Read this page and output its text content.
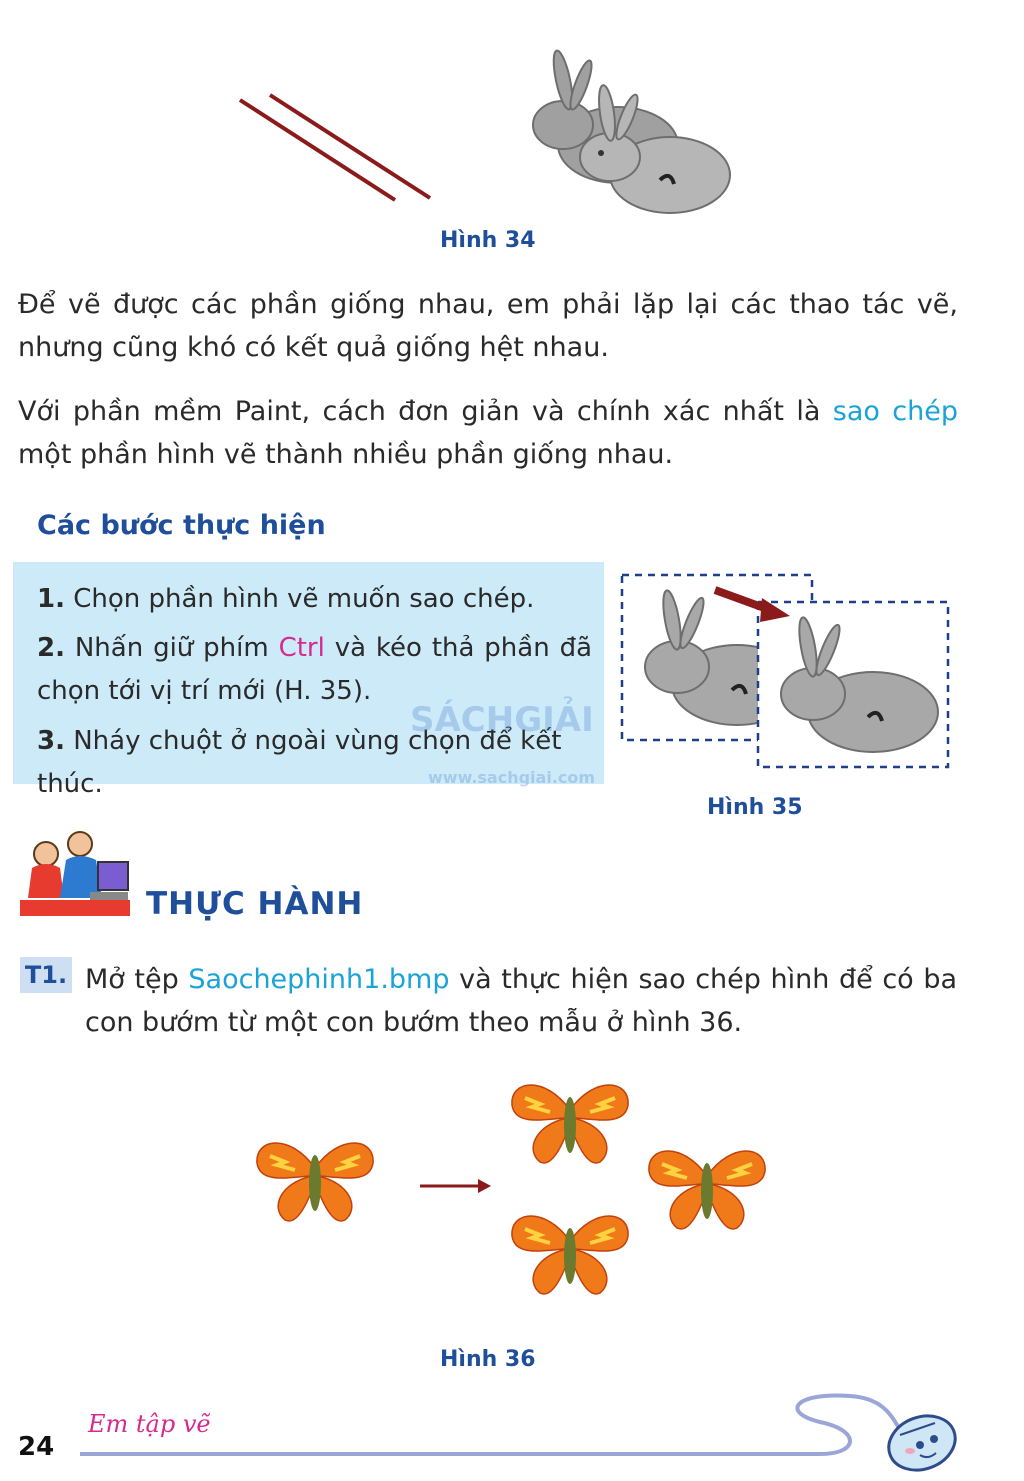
Hình 34
Để vẽ được các phần giống nhau, em phải lặp lại các thao tác vẽ, nhưng cũng khó có kết quả giống hệt nhau.
Với phần mềm Paint, cách đơn giản và chính xác nhất là sao chép một phần hình vẽ thành nhiều phần giống nhau.
Các bước thực hiện
1. Chọn phần hình vẽ muốn sao chép.
2. Nhấn giữ phím Ctrl và kéo thả phần đã chọn tới vị trí mới (H. 35).
3. Nháy chuột ở ngoài vùng chọn để kết thúc.
SÁCHGIẢI
www.sachgiai.com
Hình 35
THỰC HÀNH
T1. Mở tệp Saochephinh1.bmp và thực hiện sao chép hình để có ba con bướm từ một con bướm theo mẫu ở hình 36.
Hình 36
24
Em tập vẽ
